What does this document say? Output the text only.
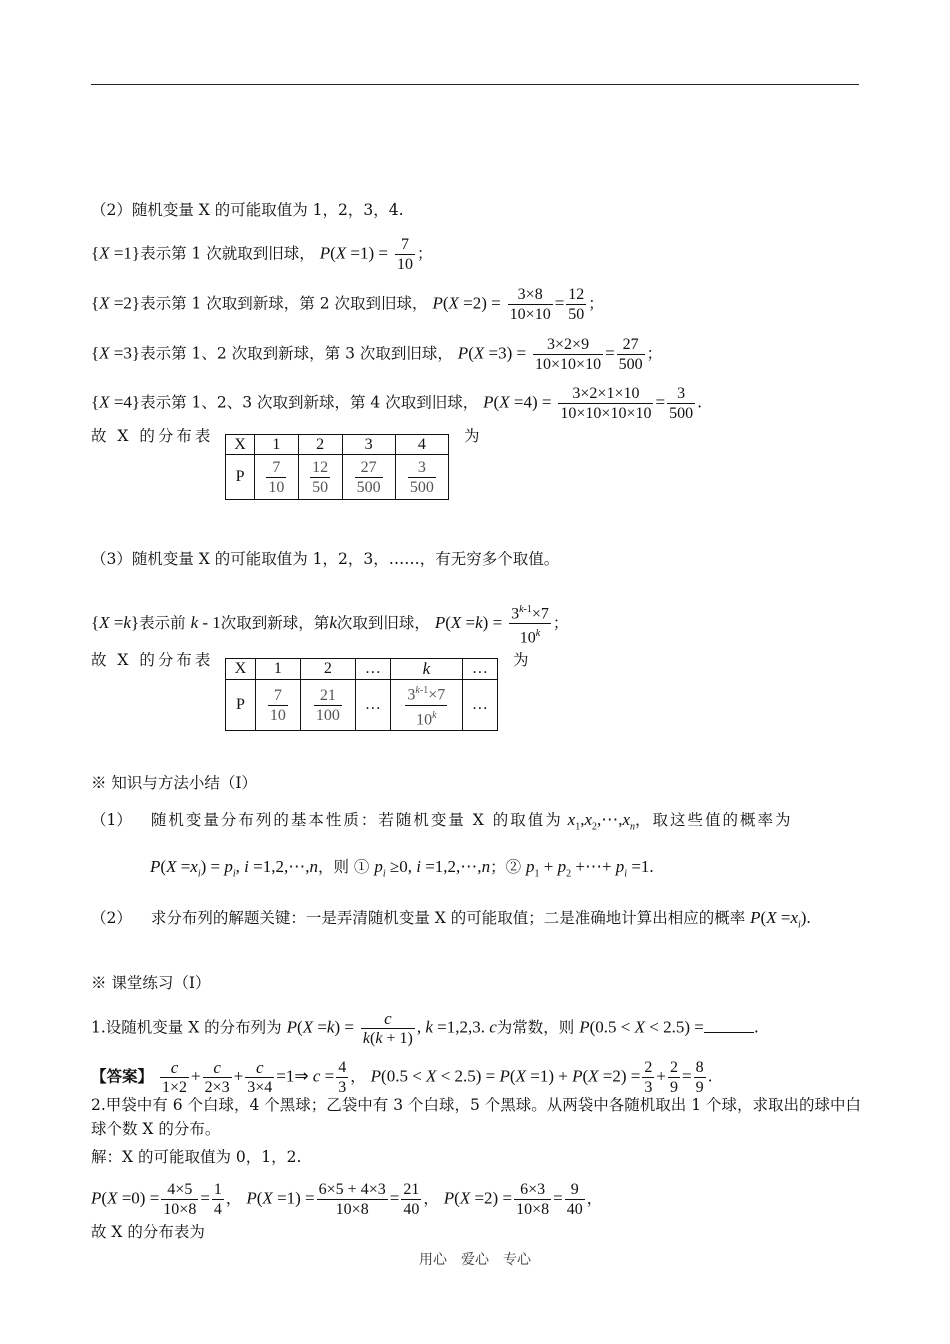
（2）随机变量 X 的可能取值为 1，2，3，4.
{X =1}表示第 1 次就取到旧球， $P(X =1) = \frac{7}{10}$ ；
{X =2}表示第 1 次取到新球，第 2 次取到旧球， $P(X =2) = \frac{3\times 8}{10\times 10} = \frac{12}{50}$ ；
{X =3}表示第 1、2 次取到新球，第 3 次取到旧球， $P(X =3) = \frac{3\times 2\times 9}{10\times 10\times 10} = \frac{27}{500}$ ；
{X =4}表示第 1、2、3 次取到新球，第 4 次取到旧球， $P(X =4) = \frac{3\times 2\times 1\times 10}{10\times 10\times 10\times 10} = \frac{3}{500}$ .
故 X 的分布表	为
X	1	2	3	4
P	$\frac{7}{10}$	$\frac{12}{50}$	$\frac{27}{500}$	$\frac{3}{500}$
（3）随机变量 X 的可能取值为 1，2，3，……，有无穷多个取值。
{X =k}表示前 k - 1次取到新球，第k次取到旧球， $P(X =k) = \frac{3^{k-1}\times 7}{10^k}$ ；
故 X 的分布表	为
X	1	2	…	k	…
P	$\frac{7}{10}$	$\frac{21}{100}$	…	$\frac{3^{k-1}\times 7}{10^k}$	…
※ 知识与方法小结（Ⅰ）
（1） 随机变量分布列的基本性质：若随机变量 X 的取值为 $x_1,x_2,\cdots,x_n$，取这些值的概率为
$P(X =x_i) = p_i$, i =1,2,⋯,n，则 ① $p_i \ge 0$, i =1,2,⋯,n；② $p_1 + p_2$ +⋯+ $p_i =1$.
（2） 求分布列的解题关键：一是弄清随机变量 X 的可能取值；二是准确地计算出相应的概率 $P(X =x_i)$.
※ 课堂练习（Ⅰ）
1.设随机变量 X 的分布列为 $P(X =k) = \frac{c}{k(k + 1)}$ , k =1,2,3. c为常数，则 P(0.5 < X < 2.5) =	.
【答案】 $\frac{c}{1\times 2} + \frac{c}{2\times 3} + \frac{c}{3\times 4}$ =1⇒ $c = \frac{4}{3}$ ， $P(0.5 < X < 2.5) = P(X =1) + P(X =2) = \frac{2}{3} + \frac{2}{9} = \frac{8}{9}$ .
2.甲袋中有 6 个白球，4 个黑球；乙袋中有 3 个白球，5 个黑球。从两袋中各随机取出 1 个球，求取出的球中白
球个数 X 的分布。
解：X 的可能取值为 0，1，2.
$P(X =0) = \frac{4\times 5}{10\times 8} = \frac{1}{4}$ ， $P(X =1) = \frac{6\times 5 + 4\times 3}{10\times 8} = \frac{21}{40}$ ， $P(X =2) = \frac{6\times 3}{10\times 8} = \frac{9}{40}$ ，
故 X 的分布表为
用心　爱心　专心
